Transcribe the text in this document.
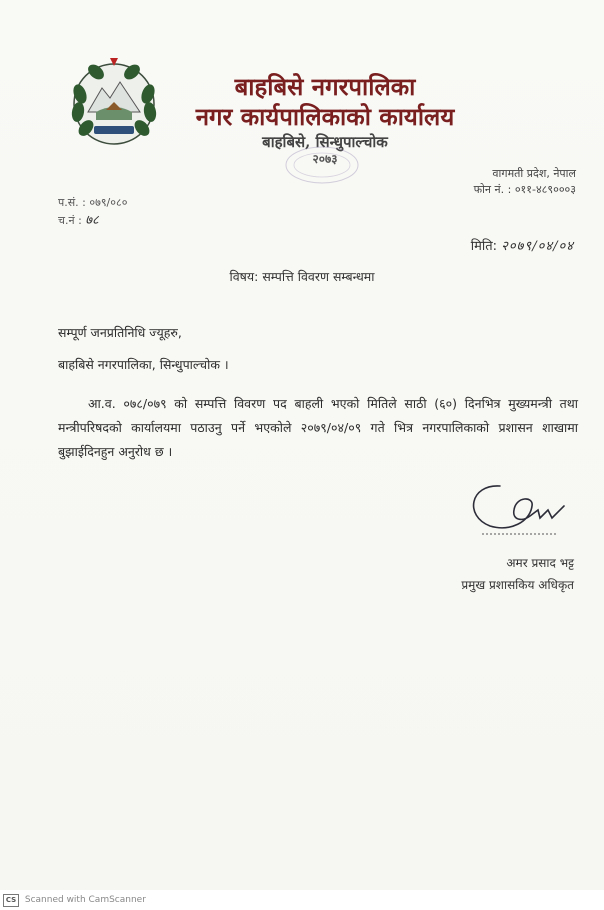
बाहबिसे नगरपालिका
नगर कार्यपालिकाको कार्यालय
बाहबिसे, सिन्धुपाल्चोक
२०७३
वागमती प्रदेश, नेपाल
फोन नं. : ०११-४८९०००३
प.सं. : ०७९/०८०
च.नं : ७८
मिति: २०७९/०४/०४
विषय: सम्पत्ति विवरण सम्बन्धमा
सम्पूर्ण जनप्रतिनिधि ज्यूहरु,
बाहबिसे नगरपालिका, सिन्धुपाल्चोक ।
आ.व. ०७८/०७९ को सम्पत्ति विवरण पद बाहली भएको मितिले साठी (६०) दिनभित्र मुख्यमन्त्री तथा मन्त्रीपरिषदको कार्यालयमा पठाउनु पर्ने भएकोले २०७९/०४/०९ गते भित्र नगरपालिकाको प्रशासन शाखामा बुझाईदिनहुन अनुरोध छ ।
अमर प्रसाद भट्ट
प्रमुख प्रशासकिय अधिकृत
CS Scanned with CamScanner
